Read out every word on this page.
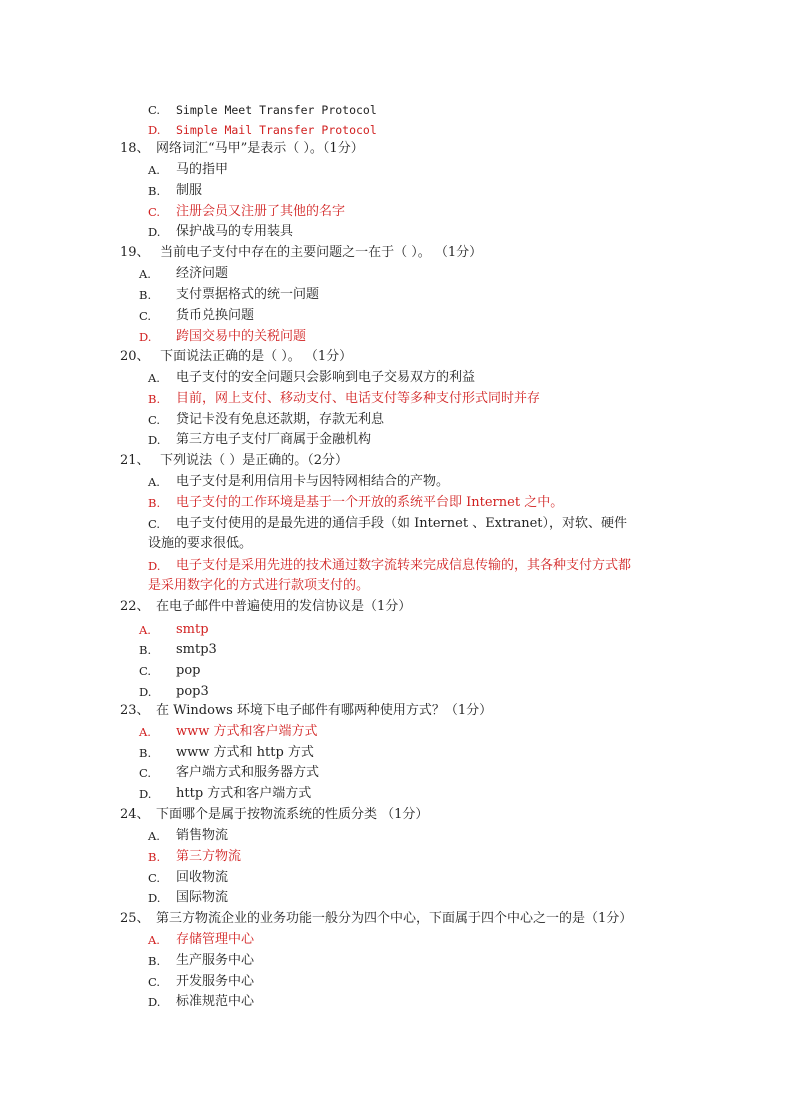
C. Simple Meet Transfer Protocol
D. Simple Mail Transfer Protocol
18、 网络词汇“马甲”是表示（ ）。（1分）
A. 马的指甲
B. 制服
C. 注册会员又注册了其他的名字
D. 保护战马的专用装具
19、 当前电子支付中存在的主要问题之一在于（ ）。 （1分）
A. 经济问题
B. 支付票据格式的统一问题
C. 货币兑换问题
D. 跨国交易中的关税问题
20、 下面说法正确的是（ ）。 （1分）
A. 电子支付的安全问题只会影响到电子交易双方的利益
B. 目前，网上支付、移动支付、电话支付等多种支付形式同时并存
C. 贷记卡没有免息还款期，存款无利息
D. 第三方电子支付厂商属于金融机构
21、 下列说法（ ）是正确的。（2分）
A. 电子支付是利用信用卡与因特网相结合的产物。
B. 电子支付的工作环境是基于一个开放的系统平台即 Internet 之中。
C. 电子支付使用的是最先进的通信手段（如 Internet 、Extranet），对软、硬件
设施的要求很低。
D. 电子支付是采用先进的技术通过数字流转来完成信息传输的，其各种支付方式都
是采用数字化的方式进行款项支付的。
22、 在电子邮件中普遍使用的发信协议是（1分）
A. smtp
B. smtp3
C. pop
D. pop3
23、 在 Windows 环境下电子邮件有哪两种使用方式？（1分）
A. www 方式和客户端方式
B. www 方式和 http 方式
C. 客户端方式和服务器方式
D. http 方式和客户端方式
24、 下面哪个是属于按物流系统的性质分类 （1分）
A. 销售物流
B. 第三方物流
C. 回收物流
D. 国际物流
25、 第三方物流企业的业务功能一般分为四个中心，下面属于四个中心之一的是（1分）
A. 存储管理中心
B. 生产服务中心
C. 开发服务中心
D. 标准规范中心
